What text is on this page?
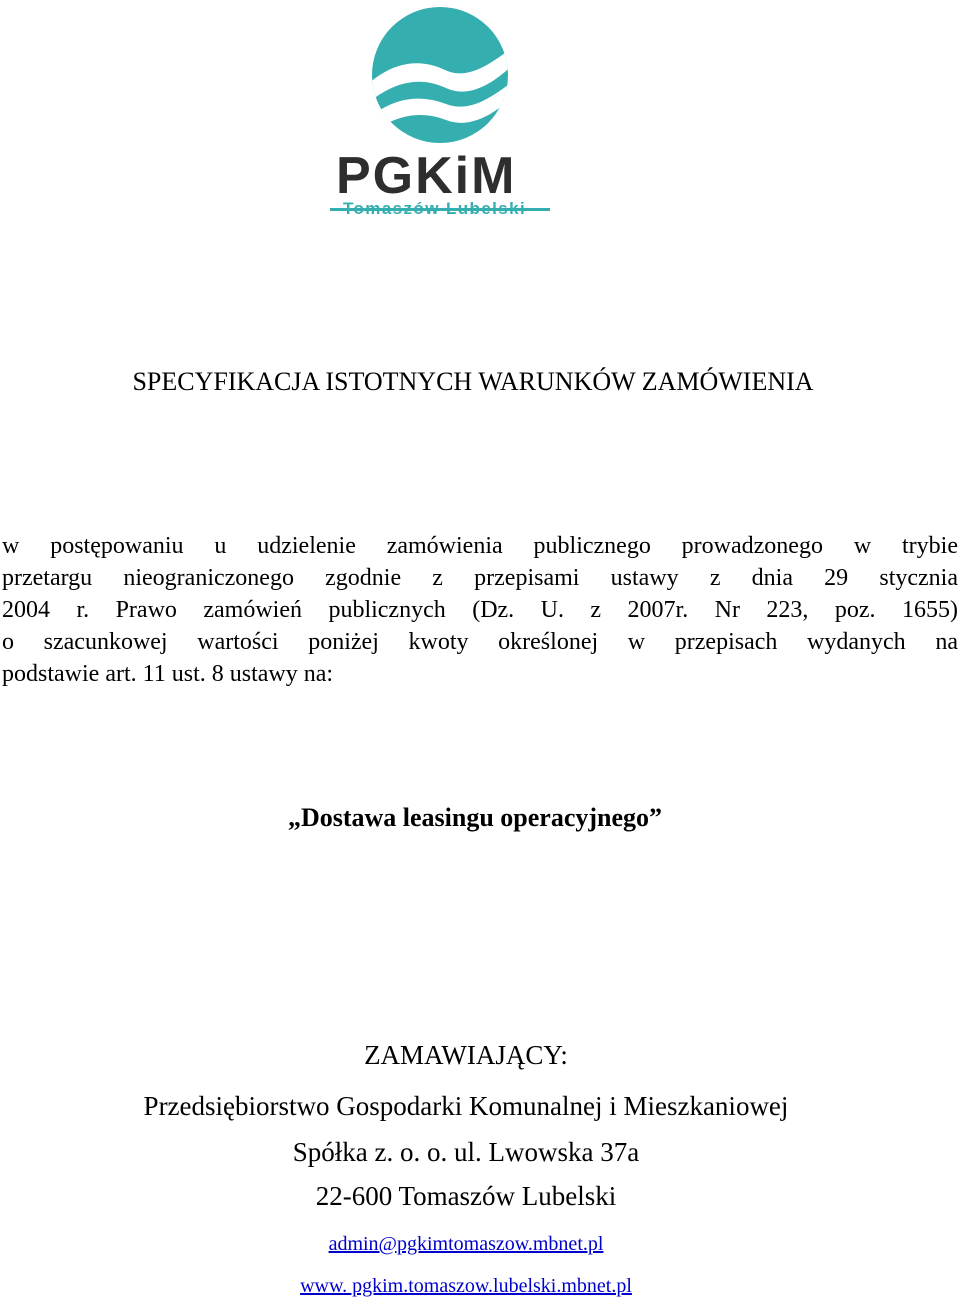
PGKiM
Tomaszów Lubelski
SPECYFIKACJA ISTOTNYCH WARUNKÓW ZAMÓWIENIA
w postępowaniu u udzielenie zamówienia publicznego prowadzonego w trybie
przetargu nieograniczonego zgodnie z przepisami ustawy z dnia 29 stycznia
2004 r. Prawo zamówień publicznych (Dz. U. z 2007r. Nr 223, poz. 1655)
o szacunkowej wartości poniżej kwoty określonej w przepisach wydanych na
podstawie art. 11 ust. 8 ustawy na:
„Dostawa leasingu operacyjnego”
ZAMAWIAJĄCY:
Przedsiębiorstwo Gospodarki Komunalnej i Mieszkaniowej
Spółka z. o. o. ul. Lwowska 37a
22-600 Tomaszów Lubelski
admin@pgkimtomaszow.mbnet.pl
www. pgkim.tomaszow.lubelski.mbnet.pl
